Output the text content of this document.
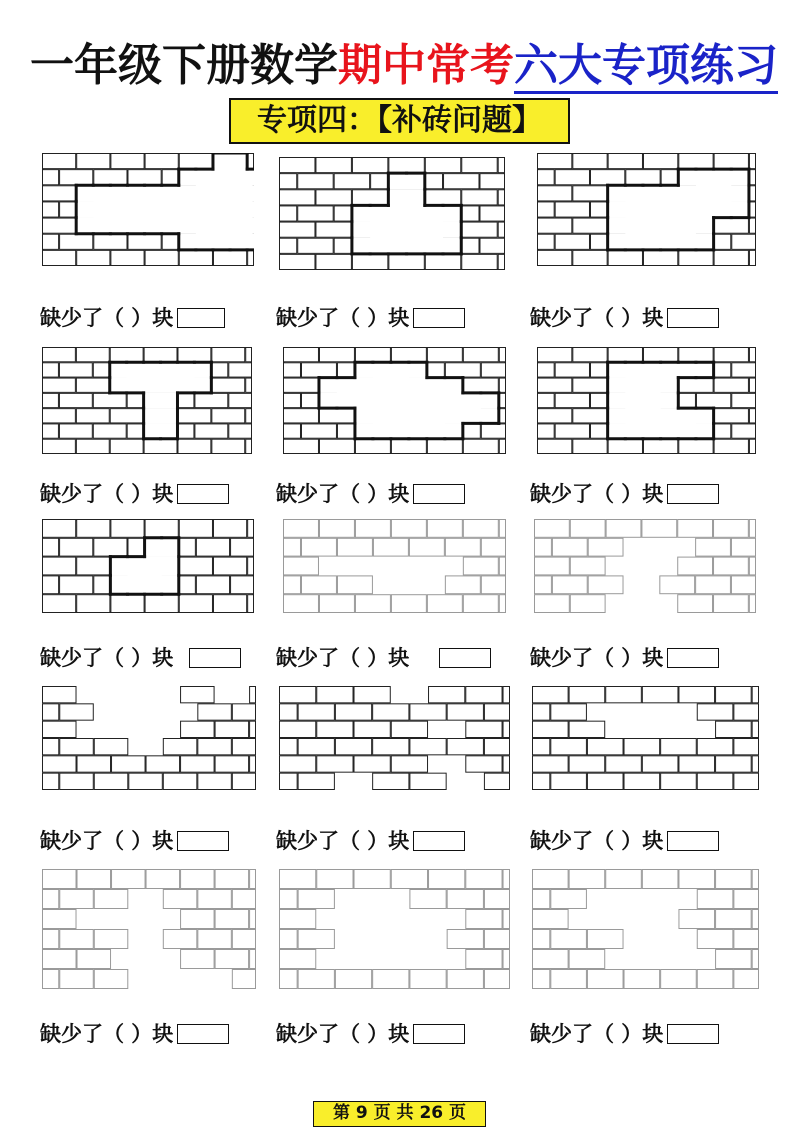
一年级下册数学期中常考六大专项练习
专项四：【补砖问题】
缺少了（ ）块	缺少了（ ）块	缺少了（ ）块
缺少了（ ）块	缺少了（ ）块	缺少了（ ）块
缺少了（ ）块	缺少了（ ）块	缺少了（ ）块
缺少了（ ）块	缺少了（ ）块	缺少了（ ）块
缺少了（ ）块	缺少了（ ）块	缺少了（ ）块
第 9 页 共 26 页
